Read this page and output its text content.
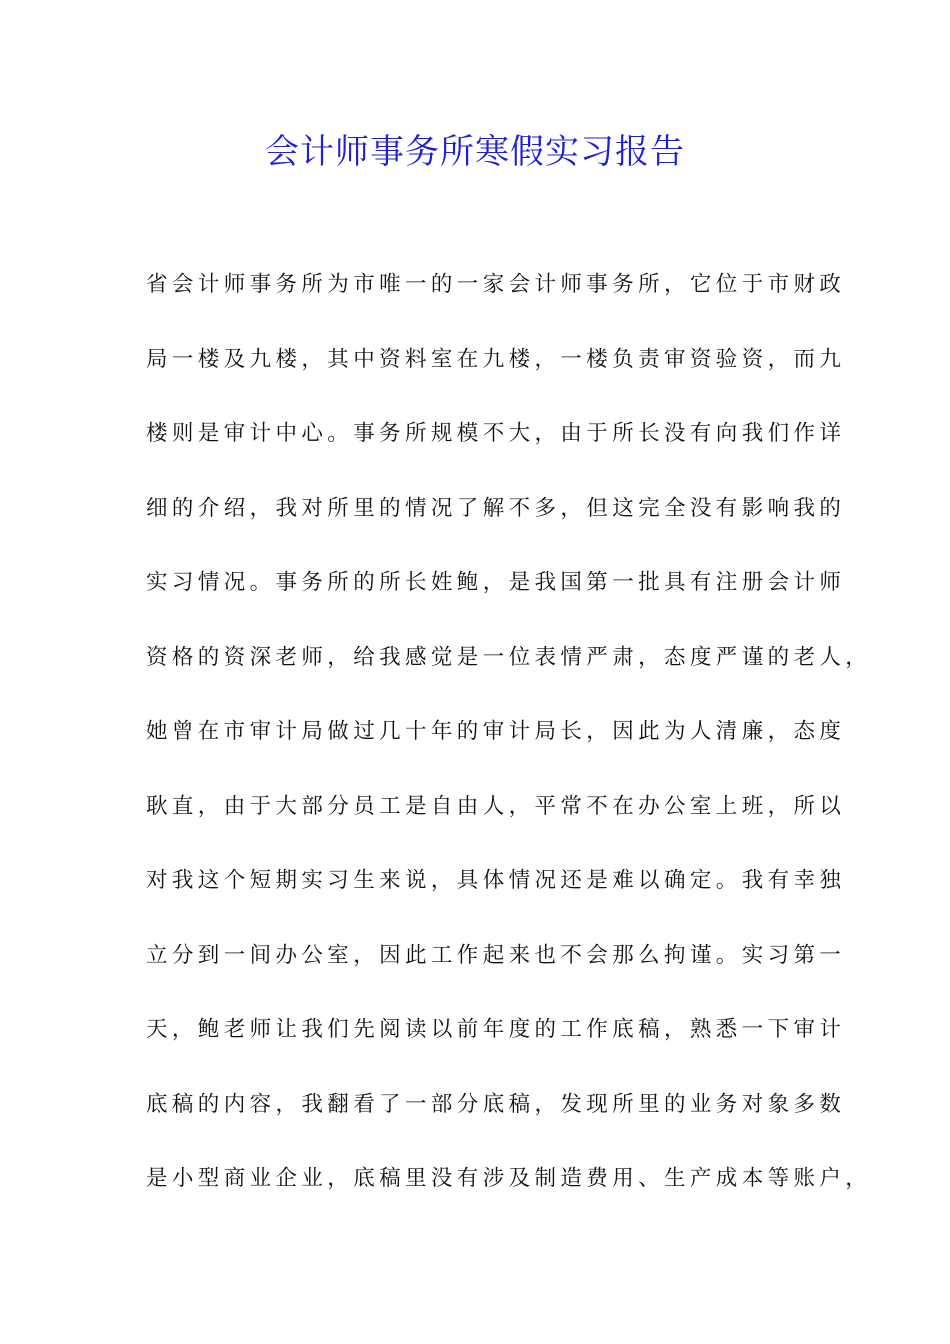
会计师事务所寒假实习报告
省会计师事务所为市唯一的一家会计师事务所，它位于市财政
局一楼及九楼，其中资料室在九楼，一楼负责审资验资，而九
楼则是审计中心。事务所规模不大，由于所长没有向我们作详
细的介绍，我对所里的情况了解不多，但这完全没有影响我的
实习情况。事务所的所长姓鲍，是我国第一批具有注册会计师
资格的资深老师，给我感觉是一位表情严肃，态度严谨的老人，
她曾在市审计局做过几十年的审计局长，因此为人清廉，态度
耿直，由于大部分员工是自由人，平常不在办公室上班，所以
对我这个短期实习生来说，具体情况还是难以确定。我有幸独
立分到一间办公室，因此工作起来也不会那么拘谨。实习第一
天，鲍老师让我们先阅读以前年度的工作底稿，熟悉一下审计
底稿的内容，我翻看了一部分底稿，发现所里的业务对象多数
是小型商业企业，底稿里没有涉及制造费用、生产成本等账户，
